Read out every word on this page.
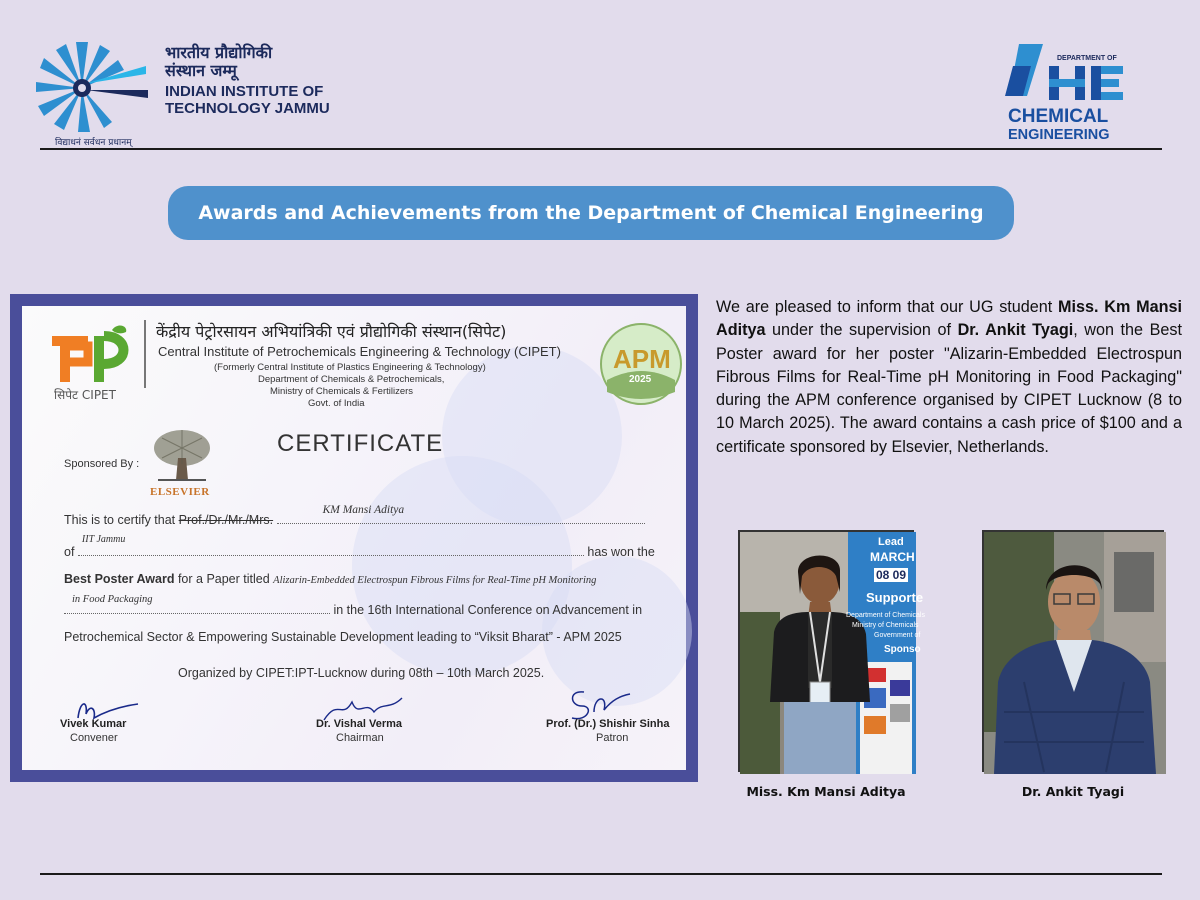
भारतीय प्रौद्योगिकी
संस्थान जम्मू
INDIAN INSTITUTE OF
TECHNOLOGY JAMMU
विद्याधनं सर्वधन प्रधानम्
DEPARTMENT OF
CHEMICAL
ENGINEERING
Awards and Achievements from the Department of Chemical Engineering
सिपेट CIPET
केंद्रीय पेट्रोरसायन अभियांत्रिकी एवं प्रौद्योगिकी संस्थान(सिपेट)
Central Institute of Petrochemicals Engineering & Technology (CIPET)
(Formerly Central Institute of Plastics Engineering & Technology)
Department of Chemicals & Petrochemicals,
Ministry of Chemicals & Fertilizers
Govt. of India
APM
2025
CERTIFICATE
Sponsored By :
ELSEVIER
This is to certify that Prof./Dr./Mr./Mrs.
KM Mansi Aditya
of
IIT Jammu
has won the
Best Poster Award for a Paper titled Alizarin-Embedded Electrospun Fibrous Films for Real-Time pH Monitoring
in Food Packaging
in the 16th International Conference on Advancement in
Petrochemical Sector & Empowering Sustainable Development leading to “Viksit Bharat” - APM 2025
Organized by CIPET:IPT-Lucknow during 08th – 10th March 2025.
Vivek Kumar
Convener
Dr. Vishal Verma
Chairman
Prof. (Dr.) Shishir Sinha
Patron

We are pleased to inform that our UG student Miss. Km Mansi Aditya under the supervision of Dr. Ankit Tyagi, won the Best Poster award for her poster "Alizarin-Embedded Electrospun Fibrous Films for Real-Time pH Monitoring in Food Packaging" during the APM conference organised by CIPET Lucknow (8 to 10 March 2025). The award contains a cash price of $100 and a certificate sponsored by Elsevier, Netherlands.

Lead
MARCH
08 09
Supporte
Department of Chemicals
Ministry of Chemicals
Government of
Sponso
Miss. Km Mansi Aditya	Dr. Ankit Tyagi
